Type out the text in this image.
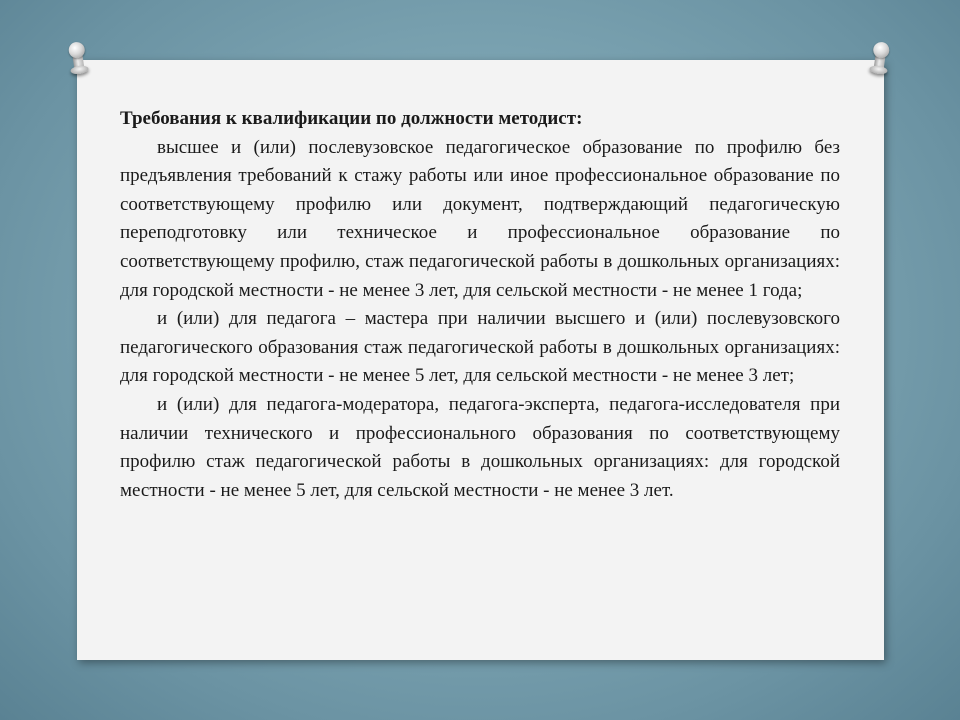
Требования к квалификации по должности методист:

высшее и (или) послевузовское педагогическое образование по профилю без предъявления требований к стажу работы или иное профессиональное образование по соответствующему профилю или документ, подтверждающий педагогическую переподготовку или техническое и профессиональное образование по соответствующему профилю, стаж педагогической работы в дошкольных организациях: для городской местности - не менее 3 лет, для сельской местности - не менее 1 года;

и (или) для педагога – мастера при наличии высшего и (или) послевузовского педагогического образования стаж педагогической работы в дошкольных организациях: для городской местности - не менее 5 лет, для сельской местности - не менее 3 лет;

и (или) для педагога-модератора, педагога-эксперта, педагога-исследователя при наличии технического и профессионального образования по соответствующему профилю стаж педагогической работы в дошкольных организациях: для городской местности - не менее 5 лет, для сельской местности - не менее 3 лет.
